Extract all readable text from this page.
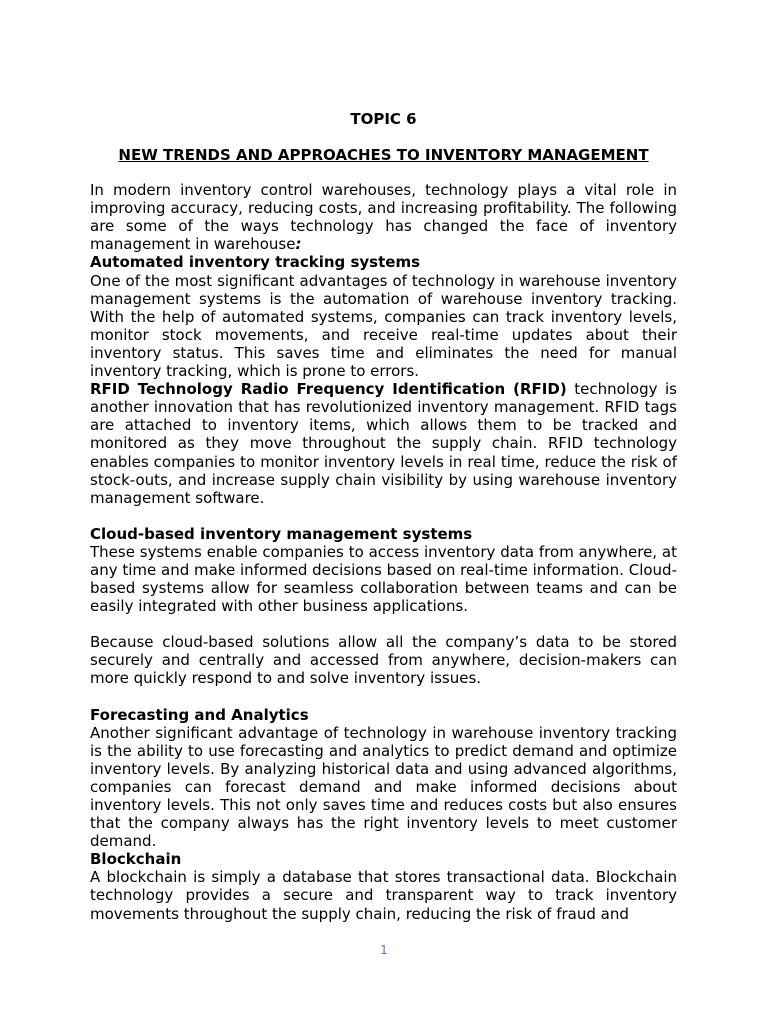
TOPIC 6
NEW TRENDS AND APPROACHES TO INVENTORY MANAGEMENT

In modern inventory control warehouses, technology plays a vital role in improving accuracy, reducing costs, and increasing profitability. The following are some of the ways technology has changed the face of inventory management in warehouse:

Automated inventory tracking systems

One of the most significant advantages of technology in warehouse inventory management systems is the automation of warehouse inventory tracking. With the help of automated systems, companies can track inventory levels, monitor stock movements, and receive real-time updates about their inventory status. This saves time and eliminates the need for manual inventory tracking, which is prone to errors.

RFID Technology Radio Frequency Identification (RFID) technology is another innovation that has revolutionized inventory management. RFID tags are attached to inventory items, which allows them to be tracked and monitored as they move throughout the supply chain. RFID technology enables companies to monitor inventory levels in real time, reduce the risk of stock-outs, and increase supply chain visibility by using warehouse inventory management software.

Cloud-based inventory management systems

These systems enable companies to access inventory data from anywhere, at any time and make informed decisions based on real-time information. Cloud-based systems allow for seamless collaboration between teams and can be easily integrated with other business applications.

Because cloud-based solutions allow all the company’s data to be stored securely and centrally and accessed from anywhere, decision-makers can more quickly respond to and solve inventory issues.

Forecasting and Analytics

Another significant advantage of technology in warehouse inventory tracking is the ability to use forecasting and analytics to predict demand and optimize inventory levels. By analyzing historical data and using advanced algorithms, companies can forecast demand and make informed decisions about inventory levels. This not only saves time and reduces costs but also ensures that the company always has the right inventory levels to meet customer demand.

Blockchain

A blockchain is simply a database that stores transactional data. Blockchain technology provides a secure and transparent way to track inventory movements throughout the supply chain, reducing the risk of fraud and

1
